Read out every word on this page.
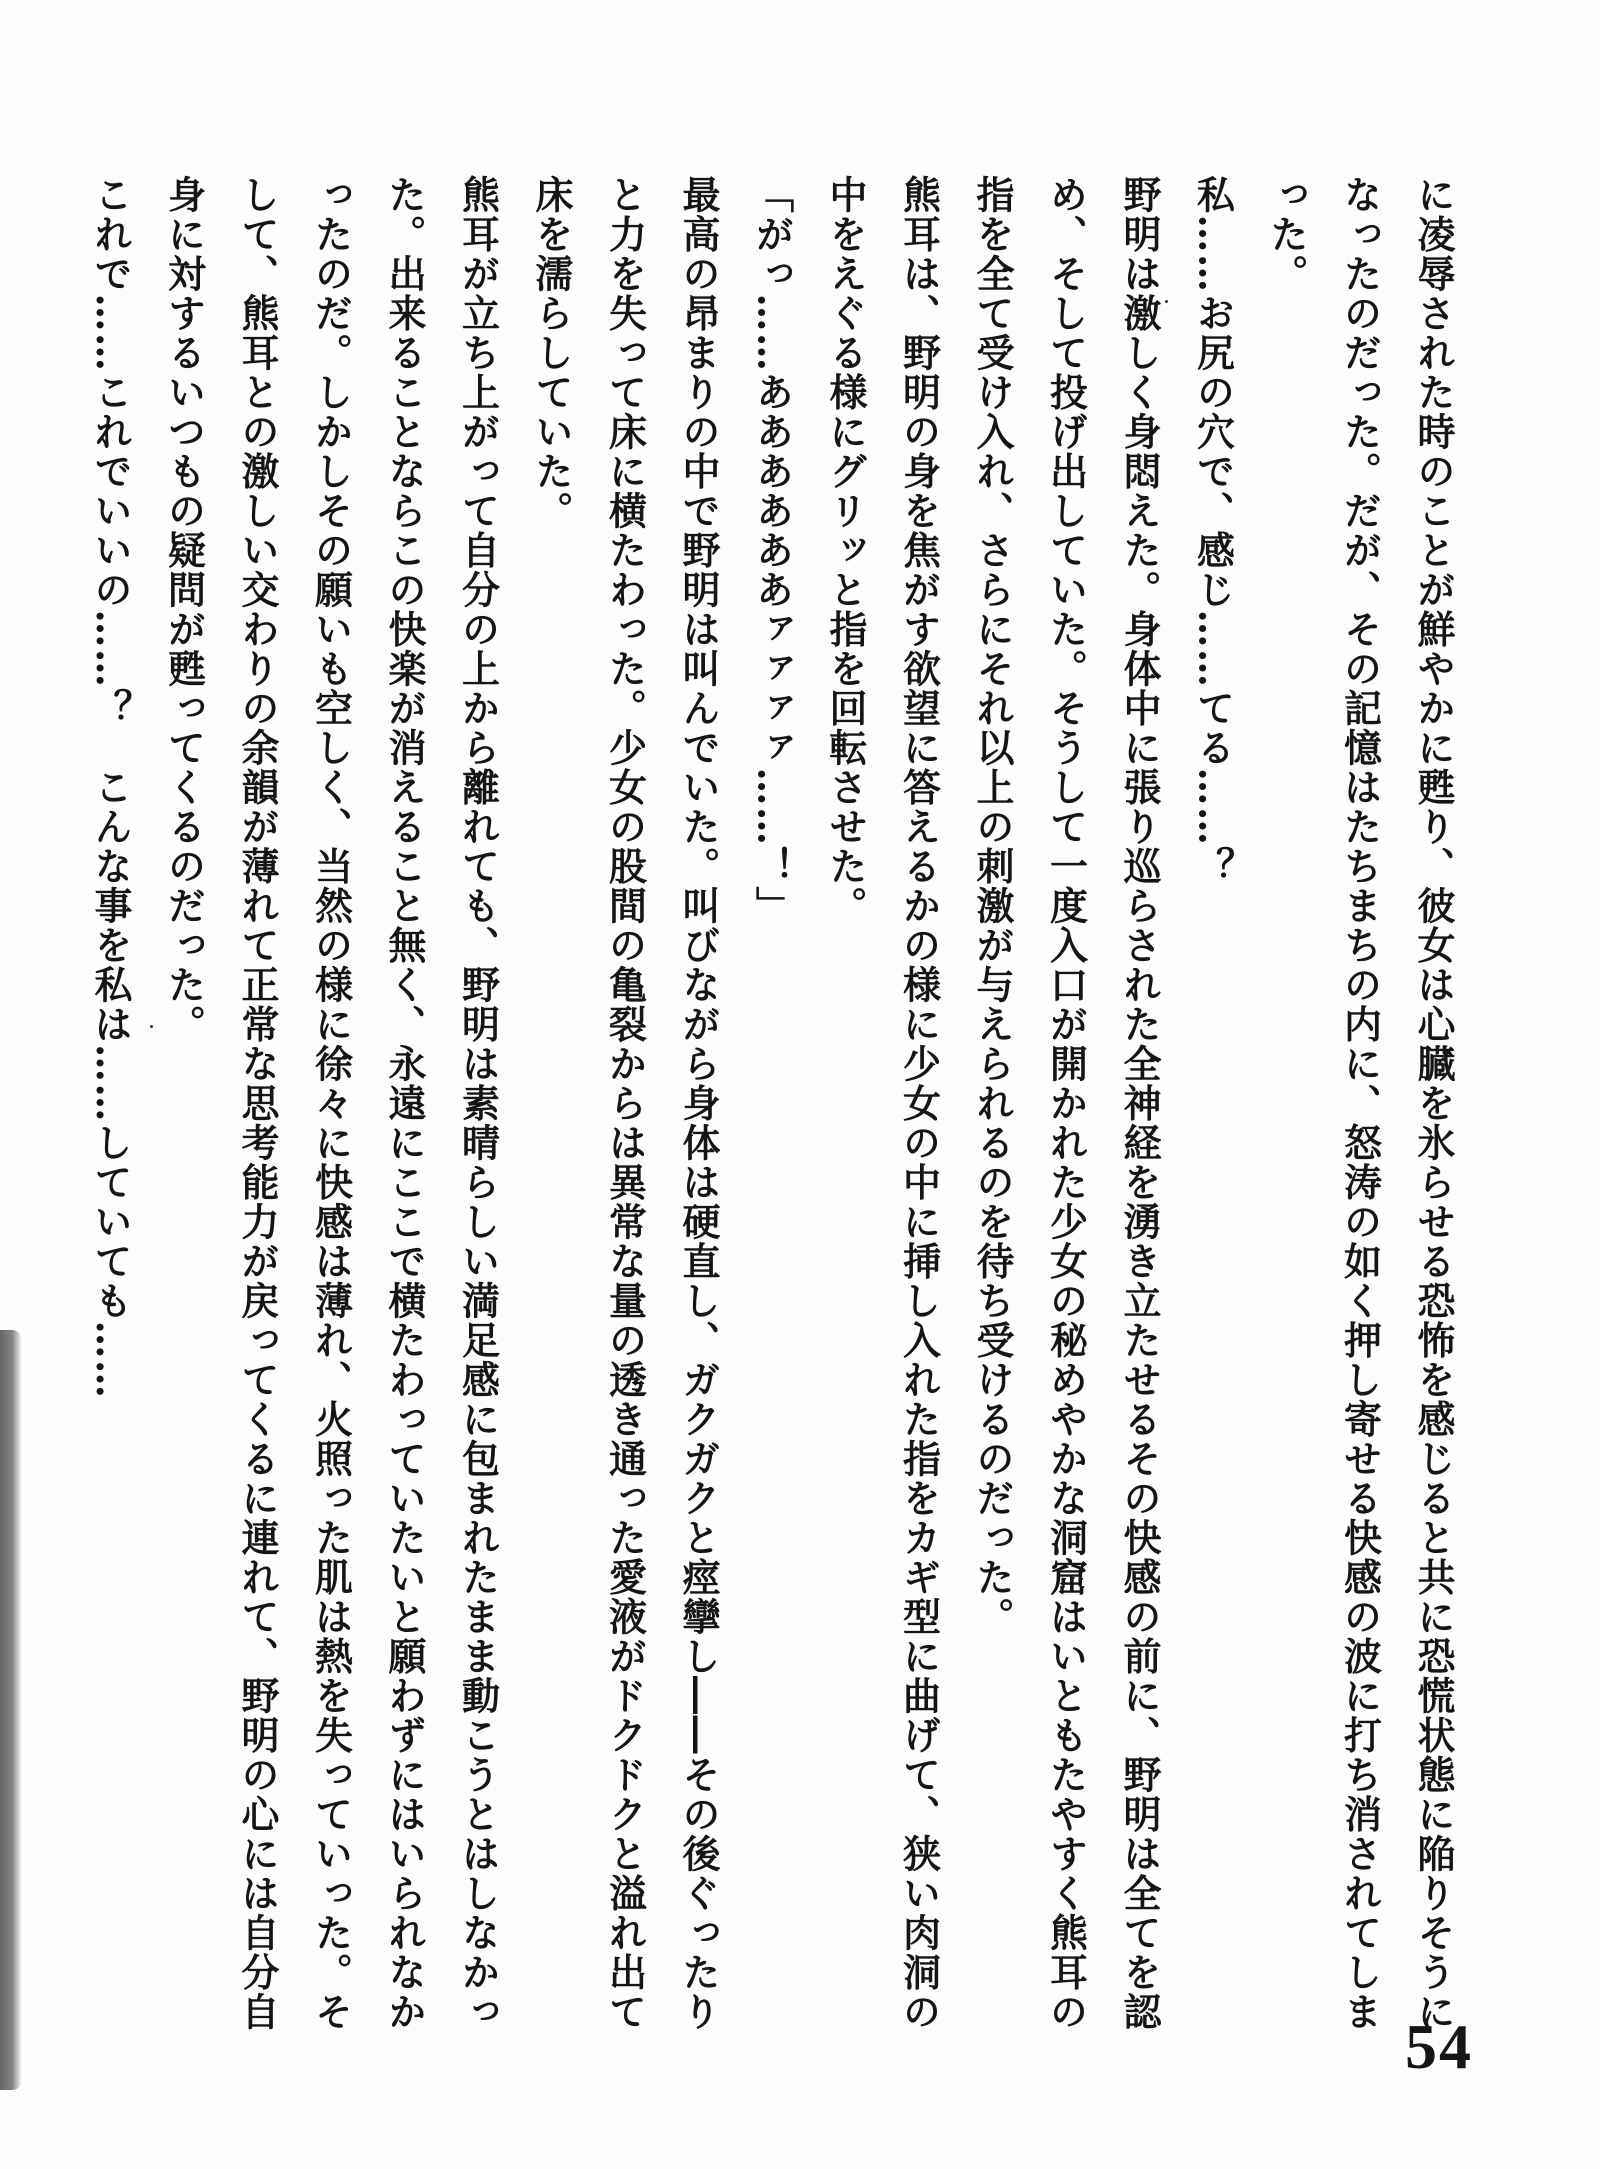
に凌辱された時のことが鮮やかに甦り、彼女は心臓を氷らせる恐怖を感じると共に恐慌状態に陥りそうになったのだった。だが、その記憶はたちまちの内に、怒涛の如く押し寄せる快感の波に打ち消されてしまった。

私……お尻の穴で、感じ……てる……？

野明は激しく身悶えた。身体中に張り巡らされた全神経を湧き立たせるその快感の前に、野明は全てを認め、そして投げ出していた。そうして一度入口が開かれた少女の秘めやかな洞窟はいともたやすく熊耳の指を全て受け入れ、さらにそれ以上の刺激が与えられるのを待ち受けるのだった。

熊耳は、野明の身を焦がす欲望に答えるかの様に少女の中に挿し入れた指をカギ型に曲げて、狭い肉洞の中をえぐる様にグリッと指を回転させた。

「がっ……ああああああァァァァ……！」

最高の昂まりの中で野明は叫んでいた。叫びながら身体は硬直し、ガクガクと痙攣し――その後ぐったりと力を失って床に横たわった。少女の股間の亀裂からは異常な量の透き通った愛液がドクドクと溢れ出て床を濡らしていた。

熊耳が立ち上がって自分の上から離れても、野明は素晴らしい満足感に包まれたまま動こうとはしなかった。出来ることならこの快楽が消えること無く、永遠にここで横たわっていたいと願わずにはいられなかったのだ。しかしその願いも空しく、当然の様に徐々に快感は薄れ、火照った肌は熱を失っていった。そして、熊耳との激しい交わりの余韻が薄れて正常な思考能力が戻ってくるに連れて、野明の心には自分自身に対するいつもの疑問が甦ってくるのだった。

これで……これでいいの……？　こんな事を私は……していても……

54
